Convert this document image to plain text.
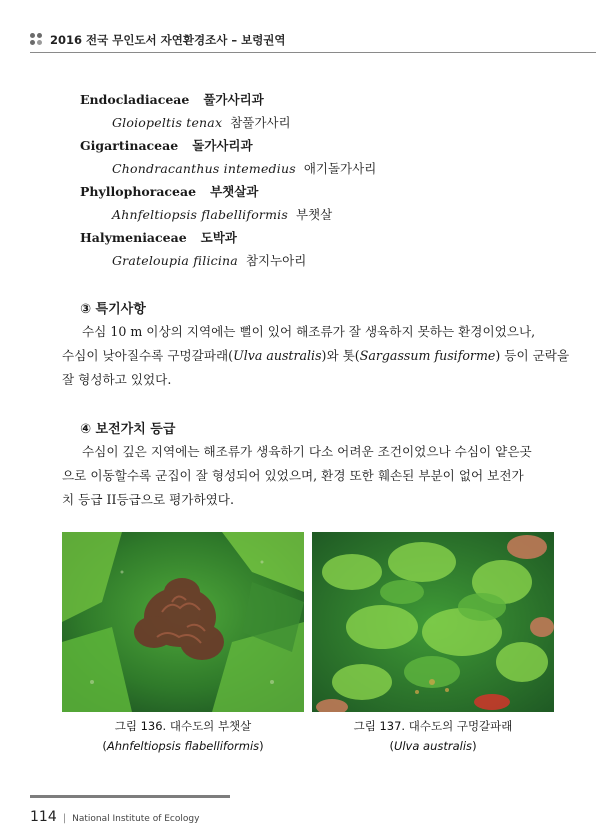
2016 전국 무인도서 자연환경조사 – 보령권역
Endocladiaceae 풀가사리과
Gloiopeltis tenax 참풀가사리
Gigartinaceae 돌가사리과
Chondracanthus intemedius 애기돌가사리
Phyllophoraceae 부챗살과
Ahnfeltiopsis flabelliformis 부챗살
Halymeniaceae 도박과
Grateloupia filicina 참지누아리
③ 특기사항
수심 10 m 이상의 지역에는 뻘이 있어 해조류가 잘 생육하지 못하는 환경이었으나,
수심이 낮아질수록 구멍갈파래(Ulva australis)와 톳(Sargassum fusiforme) 등이 군락을
잘 형성하고 있었다.
④ 보전가치 등급
수심이 깊은 지역에는 해조류가 생육하기 다소 어려운 조건이었으나 수심이 얕은곳
으로 이동할수록 군집이 잘 형성되어 있었으며, 환경 또한 훼손된 부분이 없어 보전가
치 등급 II등급으로 평가하였다.
그림 136. 대수도의 부챗살
(Ahnfeltiopsis flabelliformis)
그림 137. 대수도의 구멍갈파래
(Ulva australis)
114 | National Institute of Ecology
